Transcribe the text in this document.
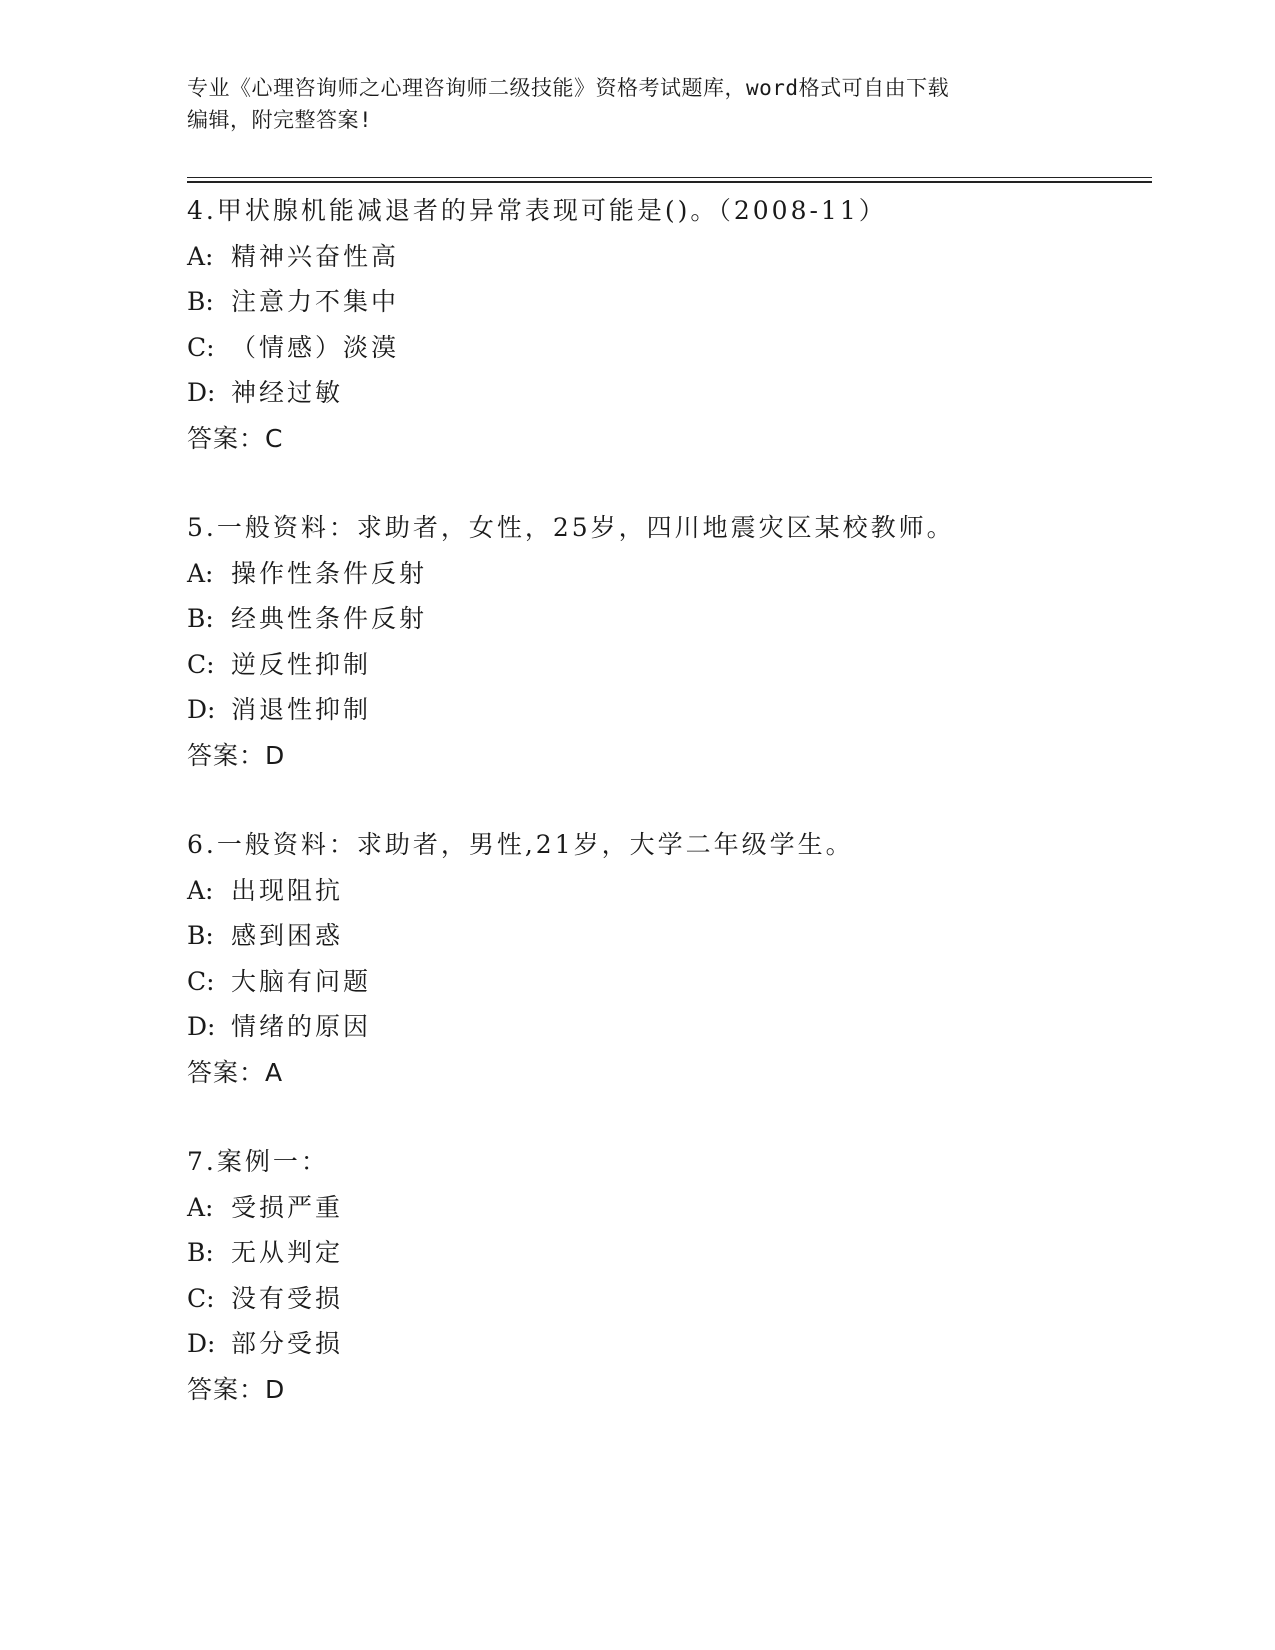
专业《心理咨询师之心理咨询师二级技能》资格考试题库，word格式可自由下载
编辑，附完整答案!
4.甲状腺机能减退者的异常表现可能是()。（2008-11）
A: 精神兴奋性高
B: 注意力不集中
C: （情感）淡漠
D: 神经过敏
答案：C
5.一般资料：求助者，女性，25岁，四川地震灾区某校教师。
A: 操作性条件反射
B: 经典性条件反射
C: 逆反性抑制
D: 消退性抑制
答案：D
6.一般资料：求助者，男性,21岁，大学二年级学生。
A: 出现阻抗
B: 感到困惑
C: 大脑有问题
D: 情绪的原因
答案：A
7.案例一：
A: 受损严重
B: 无从判定
C: 没有受损
D: 部分受损
答案：D
